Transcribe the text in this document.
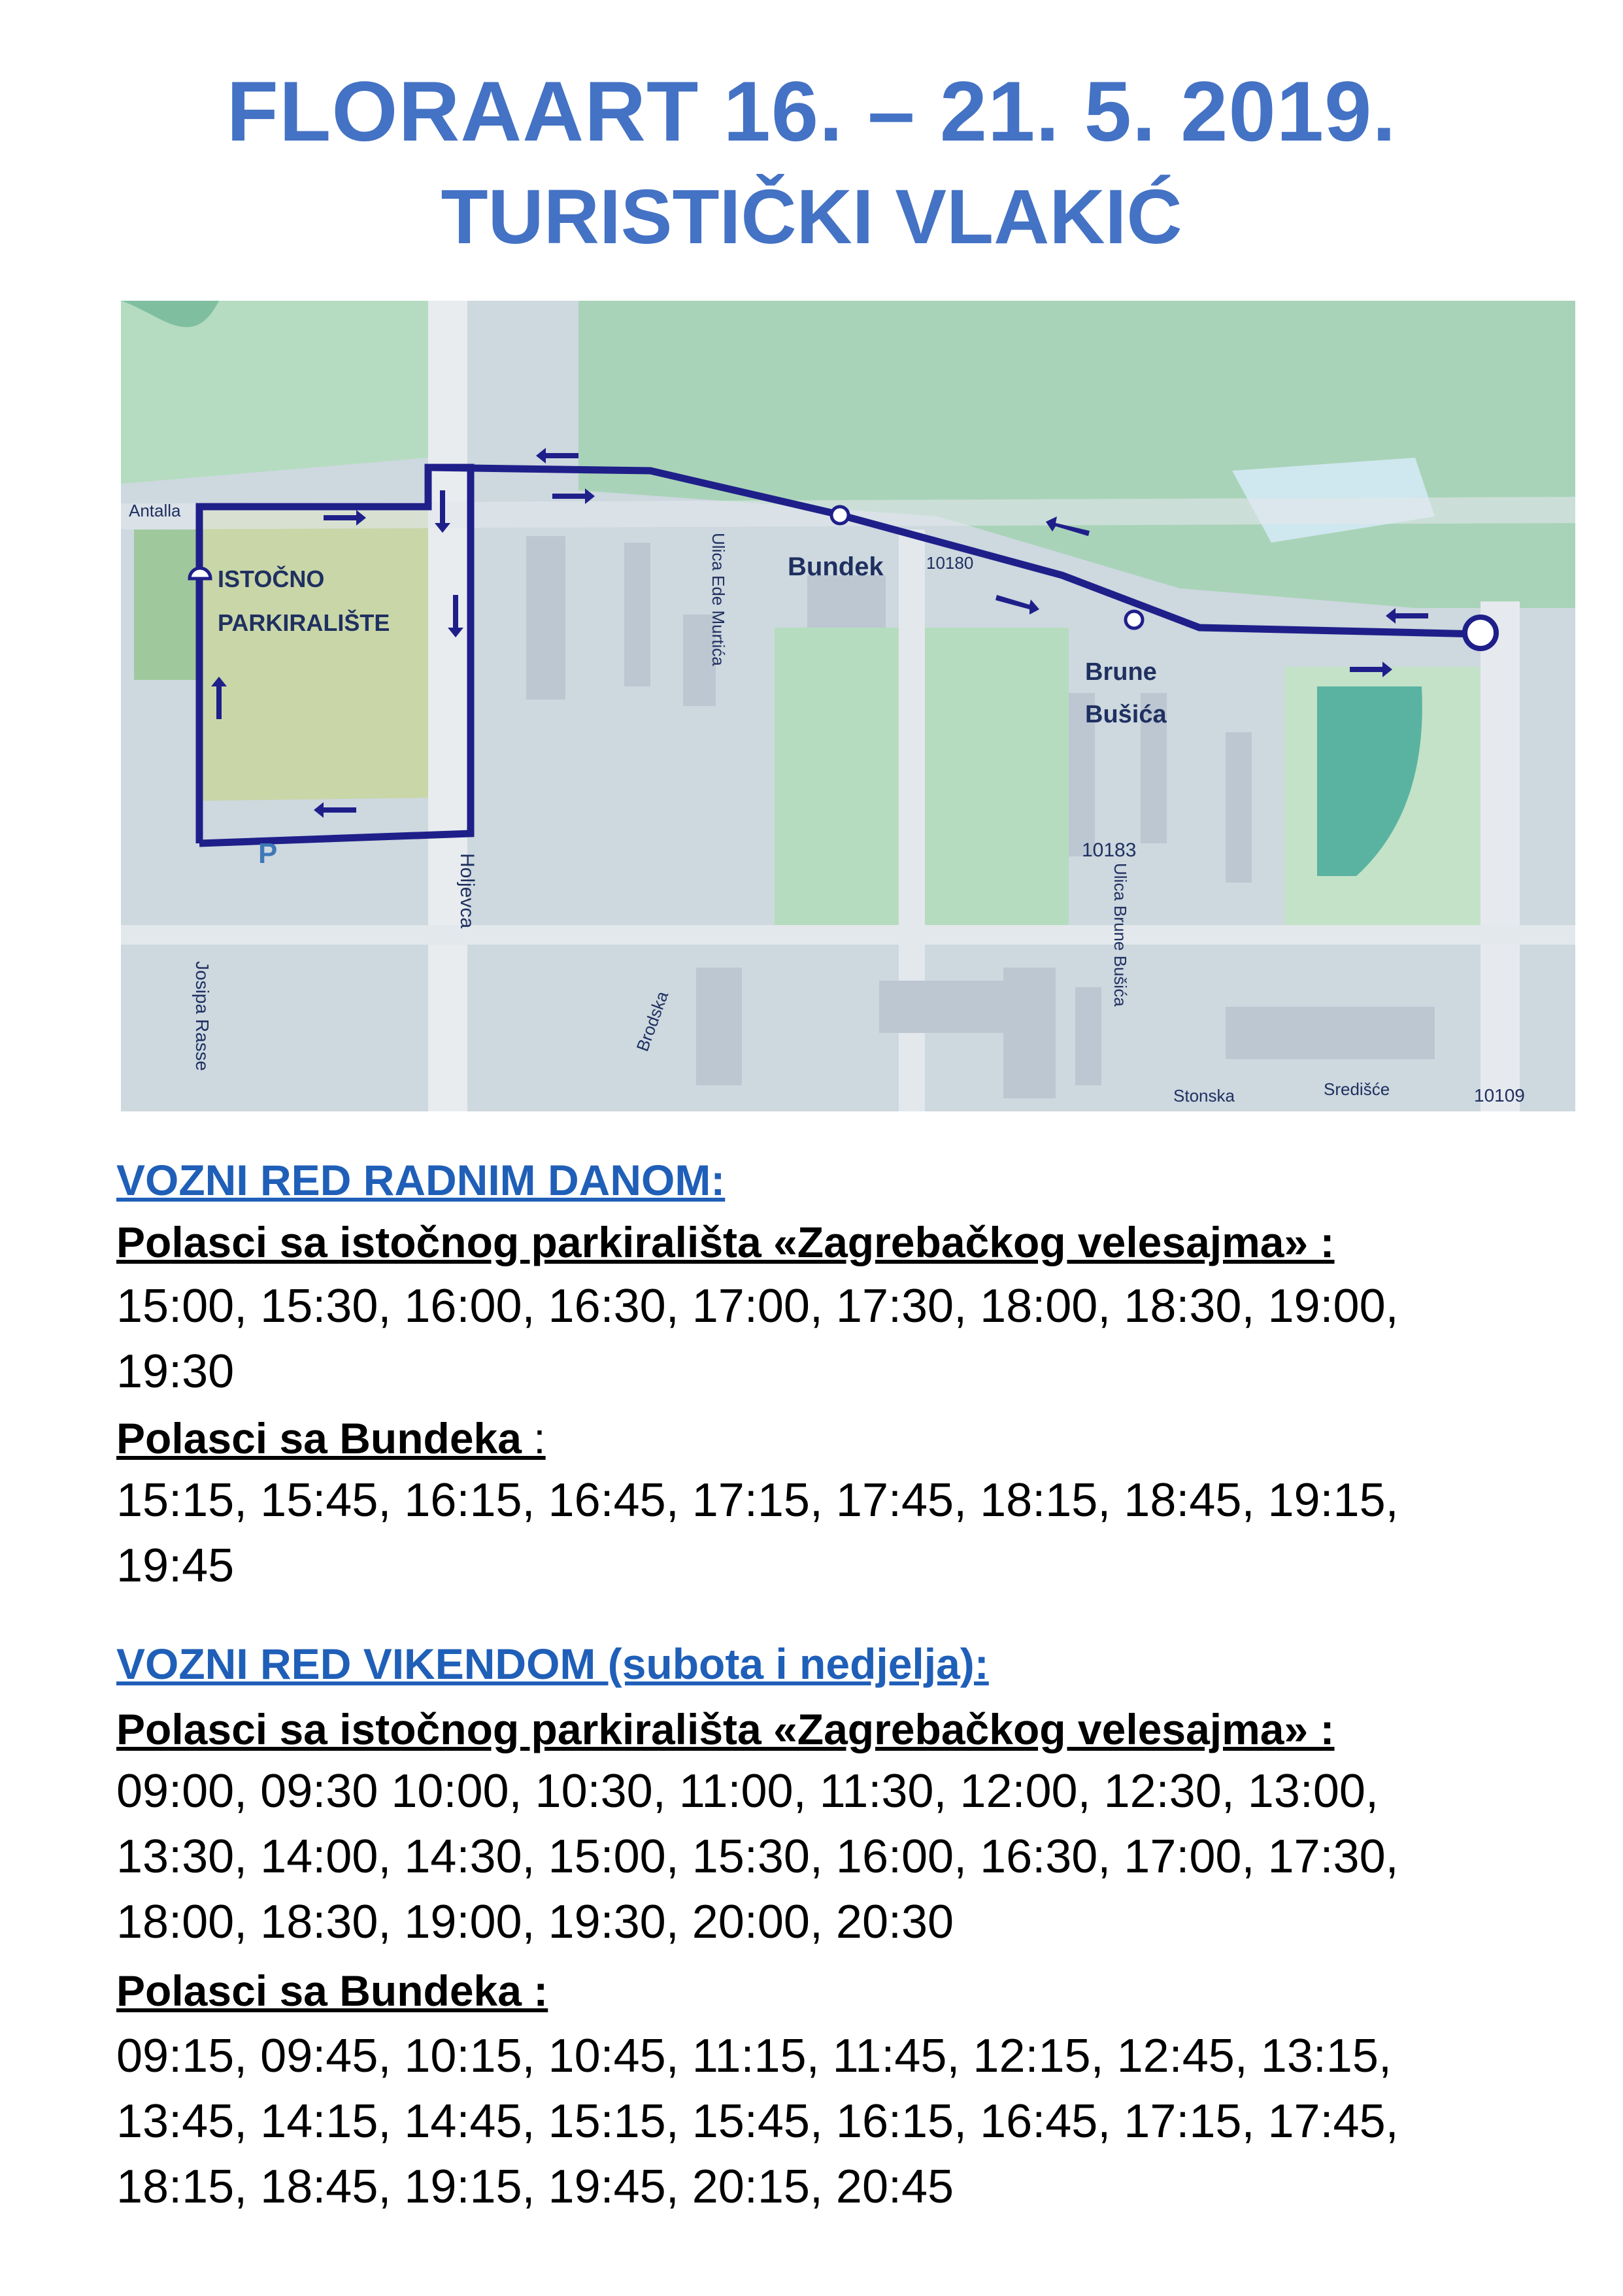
FLORAART 16. – 21. 5. 2019.
TURISTIČKI VLAKIĆ
Antalla
ISTOČNO
PARKIRALIŠTE
P
Bundek
Brune
Bušića
10180
10183
10109
Stonska	Središće
Ulica Ede Murtića
Ulica Brune Bušića
Holjevca
Josipa Rasse	Brodska
VOZNI RED RADNIM DANOM:
Polasci sa istočnog parkirališta «Zagrebačkog velesajma» :
15:00, 15:30, 16:00, 16:30, 17:00, 17:30, 18:00, 18:30, 19:00,
19:30
Polasci sa Bundeka :
15:15, 15:45, 16:15, 16:45, 17:15, 17:45, 18:15, 18:45, 19:15,
19:45
VOZNI RED VIKENDOM (subota i nedjelja):
Polasci sa istočnog parkirališta «Zagrebačkog velesajma» :
09:00, 09:30 10:00, 10:30, 11:00, 11:30, 12:00, 12:30, 13:00,
13:30, 14:00, 14:30, 15:00, 15:30, 16:00, 16:30, 17:00, 17:30,
18:00, 18:30, 19:00, 19:30, 20:00, 20:30
Polasci sa Bundeka :
09:15, 09:45, 10:15, 10:45, 11:15, 11:45, 12:15, 12:45, 13:15,
13:45, 14:15, 14:45, 15:15, 15:45, 16:15, 16:45, 17:15, 17:45,
18:15, 18:45, 19:15, 19:45, 20:15, 20:45
